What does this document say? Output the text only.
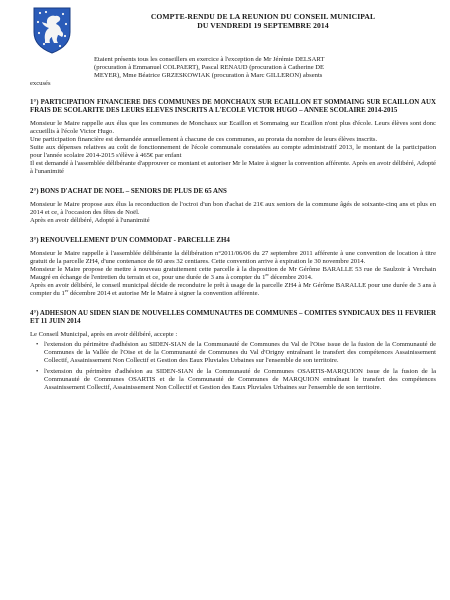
COMPTE-RENDU DE LA REUNION DU CONSEIL MUNICIPAL
DU VENDREDI 19 SEPTEMBRE 2014

Etaient présents tous les conseillers en exercice à l'exception de Mr Jérémie DELSART

(procuration à Emmanuel COLPAERT), Pascal RENAUD (procuration à Catherine DE

MEYER), Mme Béatrice GRZESKOWIAK (procuration à Marc GILLERON) absents

excusés

1°) PARTICIPATION FINANCIERE DES COMMUNES DE MONCHAUX SUR ECAILLON ET SOMMAING SUR ECAILLON AUX FRAIS DE SCOLARITE DES LEURS ELEVES INSCRITS A L'ECOLE VICTOR HUGO – ANNEE SCOLAIRE 2014-2015

Monsieur le Maire rappelle aux élus que les communes de Monchaux sur Ecaillon et Sommaing sur Ecaillon n'ont plus d'école. Leurs élèves sont donc accueillis à l'école Victor Hugo.

Une participation financière est demandée annuellement à chacune de ces communes, au prorata du nombre de leurs élèves inscrits.

Suite aux dépenses relatives au coût de fonctionnement de l'école communale constatées au compte administratif 2013, le montant de la participation pour l'année scolaire 2014-2015 s'élève à 465€ par enfant

Il est demandé à l'assemblée délibérante d'approuver ce montant et autoriser Mr le Maire à signer la convention afférente. Après en avoir délibéré, Adopté à l'unanimité

2°) BONS D'ACHAT DE NOEL – SENIORS DE PLUS DE 65 ANS

Monsieur le Maire propose aux élus la reconduction de l'octroi d'un bon d'achat de 21€ aux seniors de la commune âgés de soixante-cinq ans et plus en 2014 et ce, à l'occasion des fêtes de Noël.

Après en avoir délibéré, Adopté à l'unanimité

3°) RENOUVELLEMENT D'UN COMMODAT - PARCELLE ZH4

Monsieur le Maire rappelle à l'assemblée délibérante la délibération n°2011/06/06 du 27 septembre 2011 afférente à une convention de location à titre gratuit de la parcelle ZH4, d'une contenance de 60 ares 32 centiares. Cette convention arrive à expiration le 30 novembre 2014.

Monsieur le Maire propose de mettre à nouveau gratuitement cette parcelle à la disposition de Mr Gérôme BARALLE 53 rue de Saulzoir à Verchain Maugré en échange de l'entretien du terrain et ce, pour une durée de 3 ans à compter du 1er décembre 2014.

Après en avoir délibéré, le conseil municipal décide de reconduire le prêt à usage de la parcelle ZH4 à Mr Gérôme BARALLE pour une durée de 3 ans à compter du 1er décembre 2014 et autorise Mr le Maire à signer la convention afférente.

4°) ADHESION AU SIDEN SIAN DE NOUVELLES COMMUNAUTES DE COMMUNES – COMITES SYNDICAUX DES 11 FEVRIER ET 11 JUIN 2014

Le Conseil Municipal, après en avoir délibéré, accepte :

• l'extension du périmètre d'adhésion au SIDEN-SIAN de la Communauté de Communes du Val de l'Oise issue de la fusion de la Communauté de Communes de la Vallée de l'Oise et de la Communauté de Communes du Val d'Origny entraînant le transfert des compétences Assainissement Collectif, Assainissement Non Collectif et Gestion des Eaux Pluviales Urbaines sur l'ensemble de son territoire.
• l'extension du périmètre d'adhésion au SIDEN-SIAN de la Communauté de Communes OSARTIS-MARQUION issue de la fusion de la Communauté de Communes OSARTIS et de la Communauté de Communes de MARQUION entraînant le transfert des compétences Assainissement Collectif, Assainissement Non Collectif et Gestion des Eaux Pluviales Urbaines sur l'ensemble de son territoire.
